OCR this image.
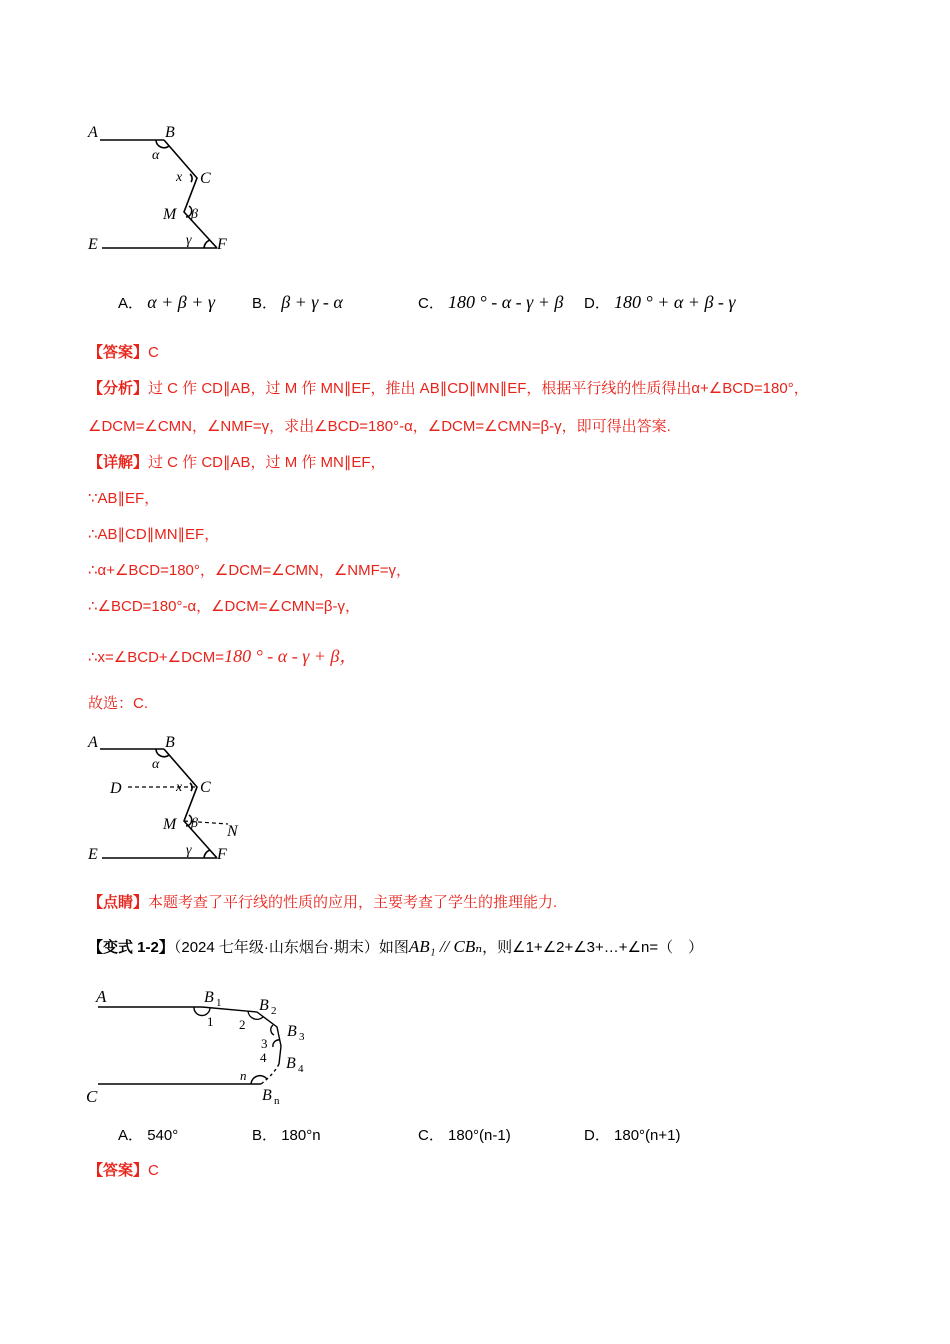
A	B
α
x C
M β
γ
E	F
A． α + β + γ B． β + γ - α	C． 180 ° - α - γ + β D． 180 ° + α + β - γ
【答案】C
【分析】过 C 作 CD∥AB，过 M 作 MN∥EF，推出 AB∥CD∥MN∥EF，根据平行线的性质得出α+∠BCD=180°，
∠DCM=∠CMN，∠NMF=γ，求出∠BCD=180°-α，∠DCM=∠CMN=β-γ，即可得出答案.
【详解】过 C 作 CD∥AB，过 M 作 MN∥EF，
∵AB∥EF，
∴AB∥CD∥MN∥EF，
∴α+∠BCD=180°，∠DCM=∠CMN，∠NMF=γ，
∴∠BCD=180°-α，∠DCM=∠CMN=β-γ，
∴x=∠BCD+∠DCM=180 ° - α - γ + β，
故选：C.
A	B
α
D	x C
M β N
γ
E	F
【点睛】本题考查了平行线的性质的应用，主要考查了学生的推理能力.
【变式 1-2】（2024 七年级·山东烟台·期末）如图AB₁ // CBₙ，则∠1+∠2+∠3+…+∠n=（　）
A	B 1 B 2
B 3
B 4
B n
1 2
3
4
n
C
A． 540°	B． 180°n	C． 180°(n-1)	D． 180°(n+1)
【答案】C
